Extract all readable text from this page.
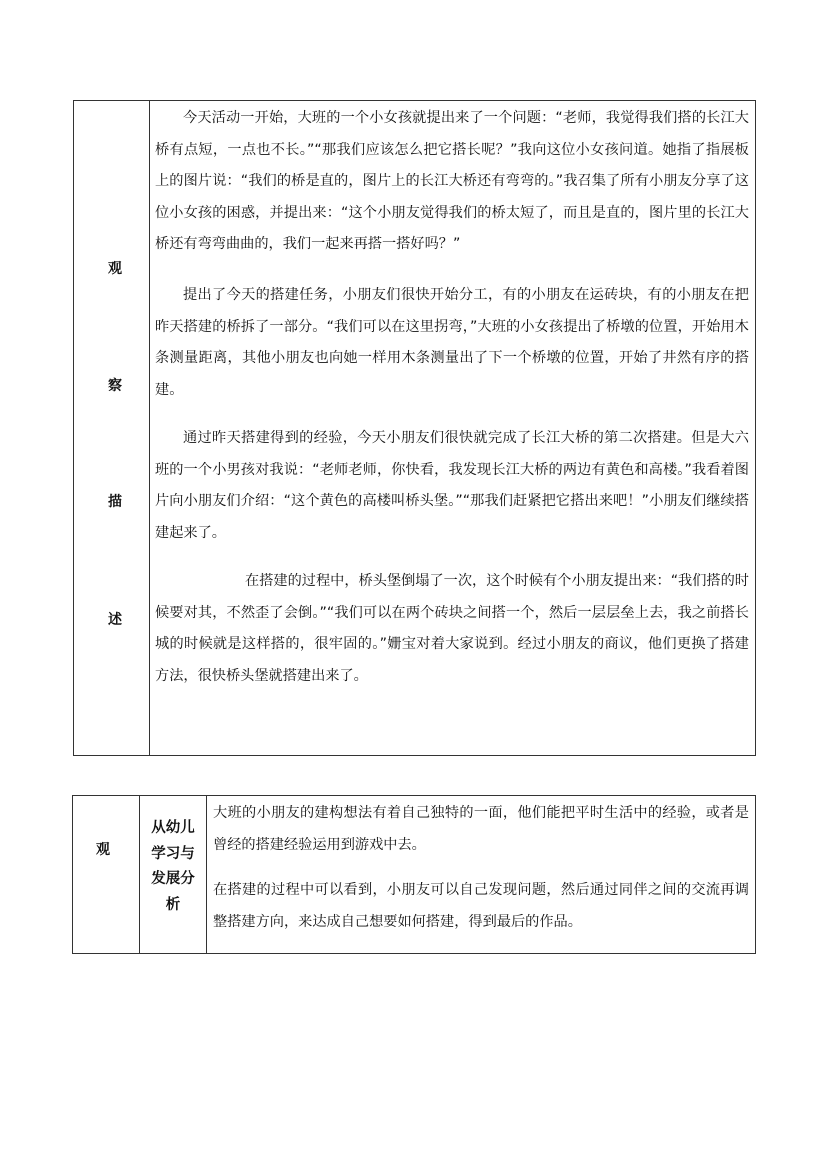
观
察
描
述

今天活动一开始，大班的一个小女孩就提出来了一个问题：“老师，我觉得我们搭的长江大桥有点短，一点也不长。”“那我们应该怎么把它搭长呢？”我向这位小女孩问道。她指了指展板上的图片说：“我们的桥是直的，图片上的长江大桥还有弯弯的。”我召集了所有小朋友分享了这位小女孩的困惑，并提出来：“这个小朋友觉得我们的桥太短了，而且是直的，图片里的长江大桥还有弯弯曲曲的，我们一起来再搭一搭好吗？”

提出了今天的搭建任务，小朋友们很快开始分工，有的小朋友在运砖块，有的小朋友在把昨天搭建的桥拆了一部分。“我们可以在这里拐弯，”大班的小女孩提出了桥墩的位置，开始用木条测量距离，其他小朋友也向她一样用木条测量出了下一个桥墩的位置，开始了井然有序的搭建。

通过昨天搭建得到的经验，今天小朋友们很快就完成了长江大桥的第二次搭建。但是大六班的一个小男孩对我说：“老师老师，你快看，我发现长江大桥的两边有黄色和高楼。”我看着图片向小朋友们介绍：“这个黄色的高楼叫桥头堡。”“那我们赶紧把它搭出来吧！”小朋友们继续搭建起来了。

在搭建的过程中，桥头堡倒塌了一次，这个时候有个小朋友提出来：“我们搭的时候要对其，不然歪了会倒。”“我们可以在两个砖块之间搭一个，然后一层层垒上去，我之前搭长城的时候就是这样搭的，很牢固的。”姗宝对着大家说到。经过小朋友的商议，他们更换了搭建方法，很快桥头堡就搭建出来了。

观
从幼儿
学习与
发展分
析

大班的小朋友的建构想法有着自己独特的一面，他们能把平时生活中的经验，或者是曾经的搭建经验运用到游戏中去。

在搭建的过程中可以看到，小朋友可以自己发现问题，然后通过同伴之间的交流再调整搭建方向，来达成自己想要如何搭建，得到最后的作品。
